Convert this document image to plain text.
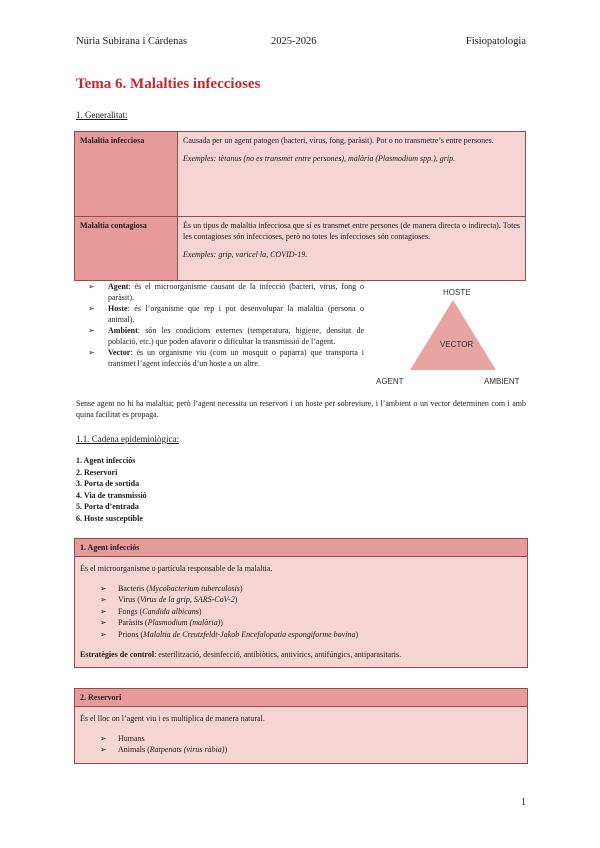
Núria Subirana i Cárdenas	2025-2026	Fisiopatologia
Tema 6. Malalties infeccioses
1. Generalitat:
Malaltia infecciosa	Causada per un agent patogen (bacteri, virus, fong, paràsit). Pot o no transmetre’s entre persones.

Exemples: tètanus (no es transmet entre persones), malària (Plasmodium spp.), grip.

Malaltia contagiosa	És un tipus de malaltia infecciosa que sí es transmet entre persones (de manera directa o indirecta). Totes les contagioses són infeccioses, però no totes les infeccioses són contagioses.

Exemples: grip, varicel·la, COVID-19.

➢ Agent: és el microorganisme causant de la infecció (bacteri, virus, fong o paràsit).
➢ Hoste: és l’organisme que rep i pot desenvolupar la malaltia (persona o animal).
➢ Ambient: són les condicions externes (temperatura, higiene, densitat de població, etc.) que poden afavorir o dificultar la transmissió de l’agent.
➢ Vector: és un organisme viu (com un mosquit o paparra) que transporta i transmet l’agent infecciós d’un hoste a un altre.
HOSTE
VECTOR
AGENT	AMBIENT
Sense agent no hi ha malaltia; però l’agent necessita un reservori i un hoste per sobreviure, i l’ambient o un vector determinen com i amb quina facilitat es propaga.
1.1. Cadena epidemiològica:
1. Agent infecciós
2. Reservori
3. Porta de sortida
4. Via de transmissió
5. Porta d’entrada
6. Hoste susceptible
1. Agent infecciós
És el microorganisme o partícula responsable de la malaltia.
➢ Bacteris (Mycobacterium tuberculosis)
➢ Virus (Virus de la grip, SARS-CoV-2)
➢ Fongs (Candida albicans)
➢ Paràsits (Plasmodium (malària))
➢ Prions (Malaltia de Creutzfeldt-Jakob Encefalopatia espongiforme bovina)
Estratègies de control: esterilització, desinfecció, antibiòtics, antivírics, antifúngics, antiparasitaris.
2. Reservori
És el lloc on l’agent viu i es multiplica de manera natural.
➢ Humans
➢ Animals (Ratpenats (virus ràbia))
1
